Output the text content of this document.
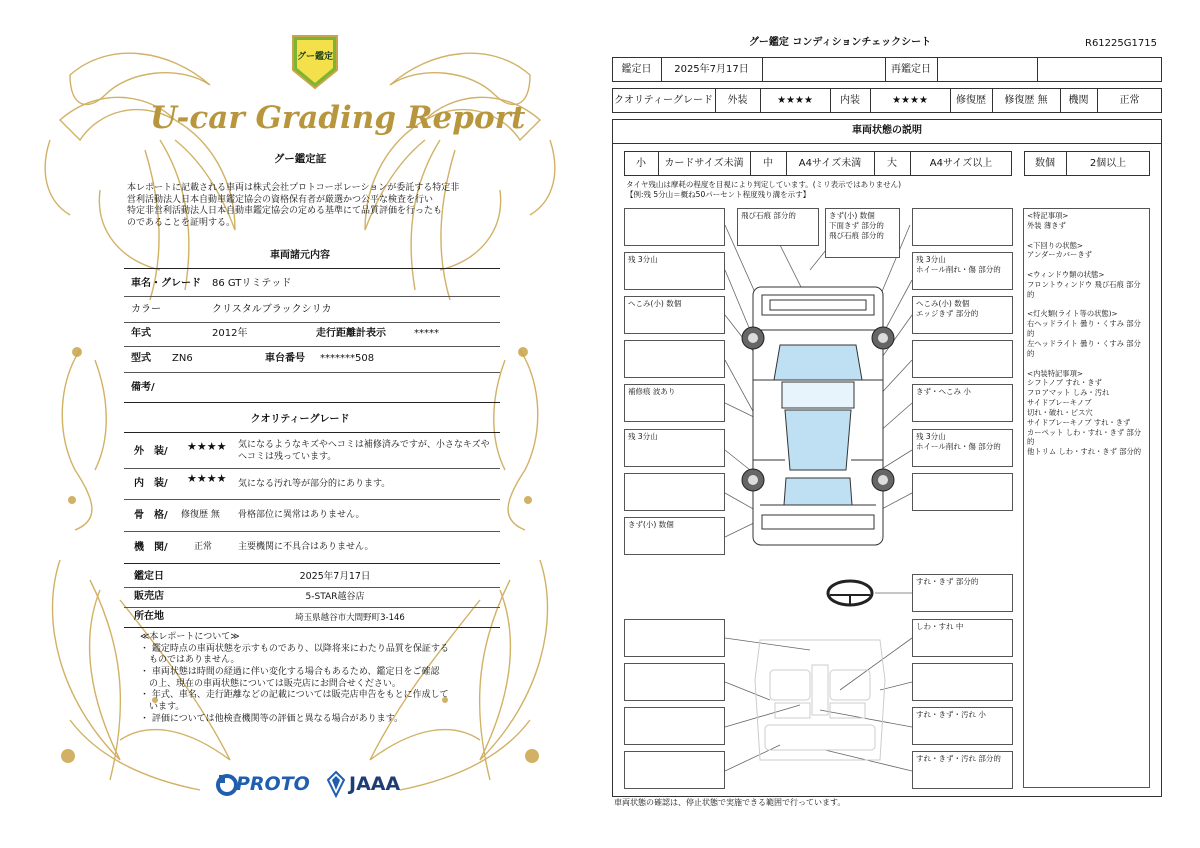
グー鑑定
U-car Grading Report
グー鑑定証
本レポートに記載される車両は株式会社プロトコーポレーションが委託する特定非
営利活動法人日本自動車鑑定協会の資格保有者が厳選かつ公平な検査を行い
特定非営利活動法人日本自動車鑑定協会の定める基準にて品質評価を行ったも
のであることを証明する。
車両諸元内容
車名・グレード 86 GTリミテッド
カラー	クリスタルブラックシリカ
年式	2012年	走行距離計表示	*****
型式 ZN6	車台番号 *******508
備考/
クオリティーグレード
外　装/ ★★★★ 気になるようなキズやヘコミは補修済みですが、小さなキズや
ヘコミは残っています。
内　装/ ★★★★ 気になる汚れ等が部分的にあります。
骨　格/ 修復歴 無 骨格部位に異常はありません。
機　関/	正常	主要機関に不具合はありません。
鑑定日	2025年7月17日
販売店	5-STAR越谷店
所在地	埼玉県越谷市大間野町3-146
≪本レポートについて≫
・ 鑑定時点の車両状態を示すものであり、以降将来にわたり品質を保証する
　ものではありません。
・ 車両状態は時間の経過に伴い変化する場合もあるため、鑑定日をご確認
　の上、現在の車両状態については販売店にお問合せください。
・ 年式、車名、走行距離などの記載については販売店申告をもとに作成して
　います。
・ 評価については他検査機関等の評価と異なる場合があります。
PROTO JAAA
グー鑑定 コンディションチェックシート	R61225G1715
鑑定日	2025年7月17日	再鑑定日
クオリティーグレード	外装	★★★★	内装	★★★★	修復歴	修復歴 無	機関	正常
車両状態の説明
小	カードサイズ未満	中	A4サイズ未満	大	A4サイズ以上	数個	2個以上
タイヤ残山は摩耗の程度を目視により判定しています。(ミリ表示ではありません)
【例:残 5分山＝概ね50パーセント程度残り溝を示す】
飛び石痕 部分的	きず(小) 数個
下面きず 部分的
飛び石痕 部分的
残 3分山	残 3分山
ホイール削れ・傷 部分的
へこみ(小) 数個	へこみ(小) 数個
エッジきず 部分的
補修痕 波あり	きず・へこみ 小
残 3分山	残 3分山
ホイール削れ・傷 部分的
きず(小) 数個
すれ・きず 部分的
しわ・すれ 中
すれ・きず・汚れ 小
すれ・きず・汚れ 部分的
<特記事項>
外装 薄きず

<下回りの状態>
アンダーカバーきず

<ウィンドウ類の状態>
フロントウィンドウ 飛び石痕 部分的

<灯火類(ライト等の状態)>
右ヘッドライト 曇り・くすみ 部分的
左ヘッドライト 曇り・くすみ 部分的

<内装特記事項>
シフトノブ すれ・きず
フロアマット しみ・汚れ
サイドブレーキノブ
切れ・破れ・ピス穴
サイドブレーキノブ すれ・きず
カーペット しわ・すれ・きず 部分的
他トリム しわ・すれ・きず 部分的
車両状態の確認は、停止状態で実施できる範囲で行っています。
